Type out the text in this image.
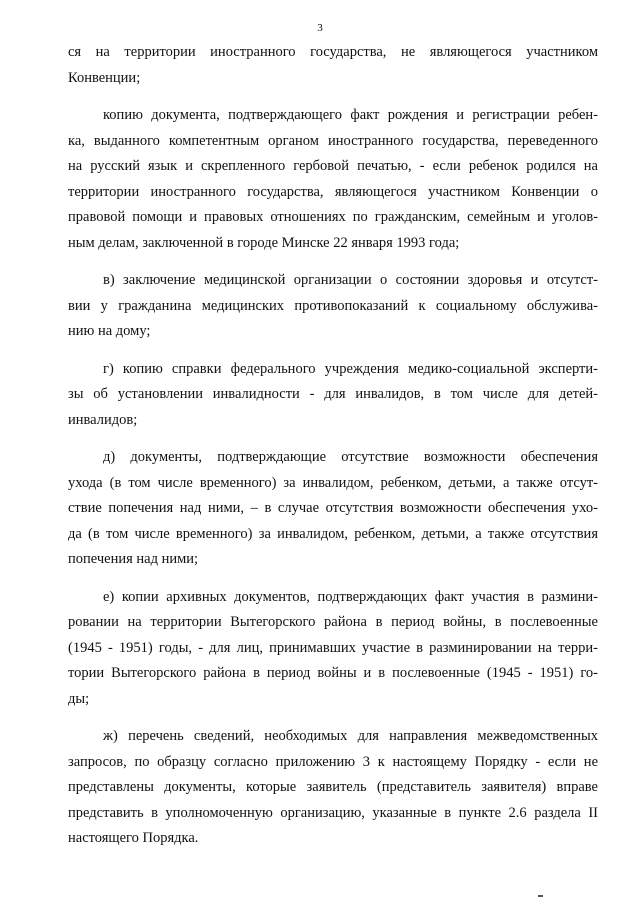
3
ся на территории иностранного государства, не являющегося участником
Конвенции;
копию документа, подтверждающего факт рождения и регистрации ребен-
ка, выданного компетентным органом иностранного государства, переведенного
на русский язык и скрепленного гербовой печатью, - если ребенок родился на
территории иностранного государства, являющегося участником Конвенции о
правовой помощи и правовых отношениях по гражданским, семейным и уголов-
ным делам, заключенной в городе Минске 22 января 1993 года;
в) заключение медицинской организации о состоянии здоровья и отсутст-
вии у гражданина медицинских противопоказаний к социальному обслужива-
нию на дому;
г) копию справки федерального учреждения медико-социальной эксперти-
зы об установлении инвалидности - для инвалидов, в том числе для детей-
инвалидов;
д) документы, подтверждающие отсутствие возможности обеспечения
ухода (в том числе временного) за инвалидом, ребенком, детьми, а также отсут-
ствие попечения над ними, – в случае отсутствия возможности обеспечения ухо-
да (в том числе временного) за инвалидом, ребенком, детьми, а также отсутствия
попечения над ними;
е) копии архивных документов, подтверждающих факт участия в размини-
ровании на территории Вытегорского района в период войны, в послевоенные
(1945 - 1951) годы, - для лиц, принимавших участие в разминировании на терри-
тории Вытегорского района в период войны и в послевоенные (1945 - 1951) го-
ды;
ж) перечень сведений, необходимых для направления межведомственных
запросов, по образцу согласно приложению 3 к настоящему Порядку - если не
представлены документы, которые заявитель (представитель заявителя) вправе
представить в уполномоченную организацию, указанные в пункте 2.6 раздела II
настоящего Порядка.
